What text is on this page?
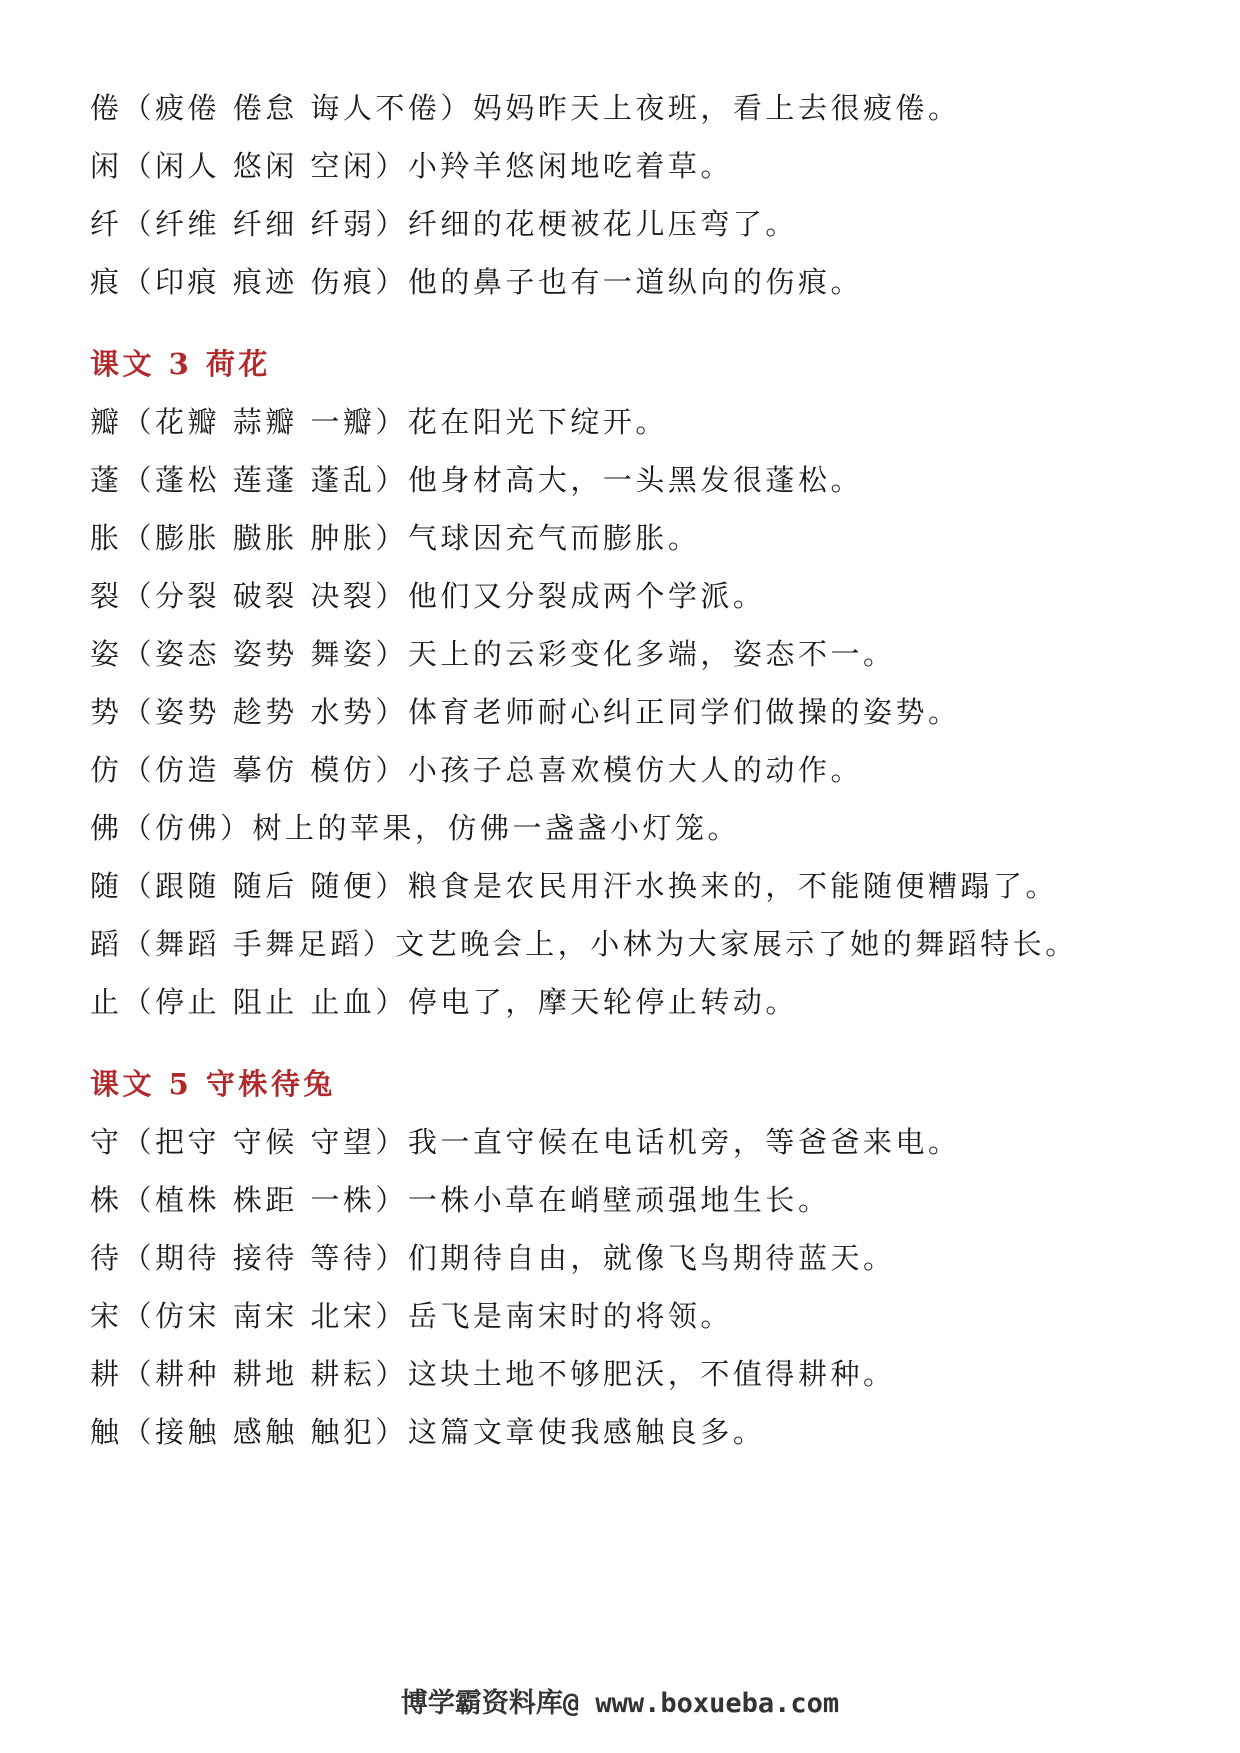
倦（疲倦 倦怠 诲人不倦）妈妈昨天上夜班，看上去很疲倦。
闲（闲人 悠闲 空闲）小羚羊悠闲地吃着草。
纤（纤维 纤细 纤弱）纤细的花梗被花儿压弯了。
痕（印痕 痕迹 伤痕）他的鼻子也有一道纵向的伤痕。
课文 3 荷花
瓣（花瓣 蒜瓣 一瓣）花在阳光下绽开。
蓬（蓬松 莲蓬 蓬乱）他身材高大，一头黑发很蓬松。
胀（膨胀 臌胀 肿胀）气球因充气而膨胀。
裂（分裂 破裂 决裂）他们又分裂成两个学派。
姿（姿态 姿势 舞姿）天上的云彩变化多端，姿态不一。
势（姿势 趁势 水势）体育老师耐心纠正同学们做操的姿势。
仿（仿造 摹仿 模仿）小孩子总喜欢模仿大人的动作。
佛（仿佛）树上的苹果，仿佛一盏盏小灯笼。
随（跟随 随后 随便）粮食是农民用汗水换来的，不能随便糟蹋了。
蹈（舞蹈 手舞足蹈）文艺晚会上，小林为大家展示了她的舞蹈特长。
止（停止 阻止 止血）停电了，摩天轮停止转动。
课文 5 守株待兔
守（把守 守候 守望）我一直守候在电话机旁，等爸爸来电。
株（植株 株距 一株）一株小草在峭壁顽强地生长。
待（期待 接待 等待）们期待自由，就像飞鸟期待蓝天。
宋（仿宋 南宋 北宋）岳飞是南宋时的将领。
耕（耕种 耕地 耕耘）这块土地不够肥沃，不值得耕种。
触（接触 感触 触犯）这篇文章使我感触良多。
博学霸资料库@ www.boxueba.com
